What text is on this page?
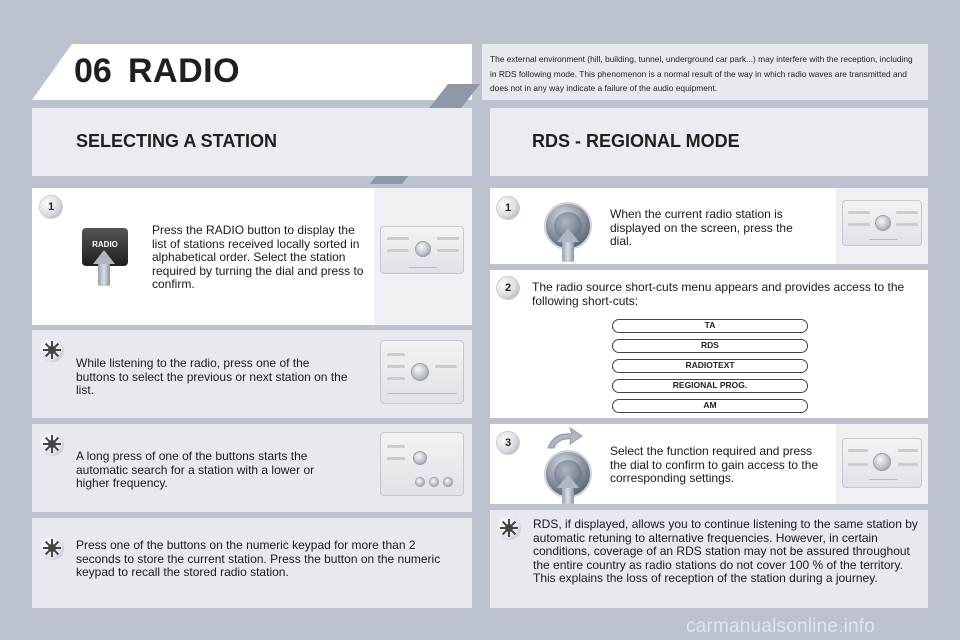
06 RADIO	The external environment (hill, building, tunnel, underground car park...) may interfere with the reception, including in RDS following mode. This phenomenon is a normal result of the way in which radio waves are transmitted and does not in any way indicate a failure of the audio equipment.
SELECTING A STATION	RDS - REGIONAL MODE
1
RADIO
Press the RADIO button to display the list of stations received locally sorted in alphabetical order. Select the station required by turning the dial and press to confirm.
While listening to the radio, press one of the buttons to select the previous or next station on the list.
A long press of one of the buttons starts the automatic search for a station with a lower or higher frequency.
Press one of the buttons on the numeric keypad for more than 2 seconds to store the current station. Press the button on the numeric keypad to recall the stored radio station.
1	When the current radio station is displayed on the screen, press the dial.
2	The radio source short-cuts menu appears and provides access to the following short-cuts:
TA
RDS
RADIOTEXT
REGIONAL PROG.
AM
3
Select the function required and press the dial to confirm to gain access to the corresponding settings.
RDS, if displayed, allows you to continue listening to the same station by automatic retuning to alternative frequencies. However, in certain conditions, coverage of an RDS station may not be assured throughout the entire country as radio stations do not cover 100 % of the territory. This explains the loss of reception of the station during a journey.
carmanualsonline.info
